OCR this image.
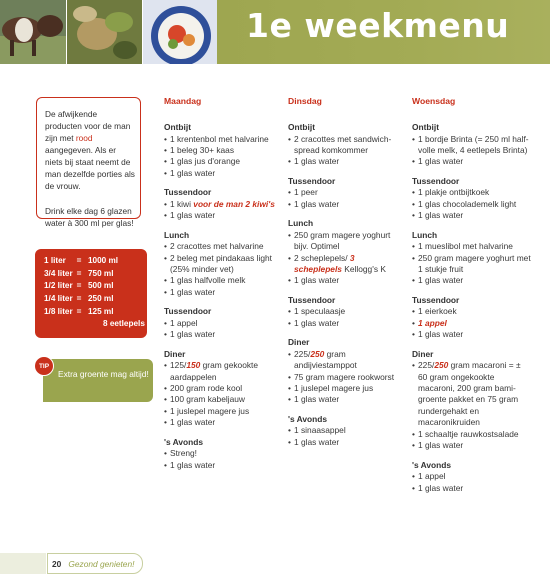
1e weekmenu

De afwijkende producten voor de man zijn met rood aangegeven. Als er niets bij staat neemt de man dezelfde porties als de vrouw.

Drink elke dag 6 glazen water à 300 ml per glas!

1 liter	= 1000 ml
3/4 liter = 750 ml
1/2 liter = 500 ml
1/4 liter = 250 ml
1/8 liter = 125 ml
8 eetlepels
Extra groente mag altijd!
TIP
Maandag
Ontbijt
• 1 krentenbol met halvarine
• 1 beleg 30+ kaas
• 1 glas jus d'orange
• 1 glas water
Tussendoor
• 1 kiwi voor de man 2 kiwi's
• 1 glas water
Lunch
• 2 cracottes met halvarine
• 2 beleg met pindakaas light (25% minder vet)
• 1 glas halfvolle melk
• 1 glas water
Tussendoor
• 1 appel
• 1 glas water
Diner
• 125/150 gram gekookte aardappelen
• 200 gram rode kool
• 100 gram kabeljauw
• 1 juslepel magere jus
• 1 glas water
's Avonds
• Streng!
• 1 glas water
Dinsdag
Ontbijt
• 2 cracottes met sandwich-spread komkommer
• 1 glas water
Tussendoor
• 1 peer
• 1 glas water
Lunch
• 250 gram magere yoghurt bijv. Optimel
• 2 scheplepels/ 3 scheplepels Kellogg's K
• 1 glas water
Tussendoor
• 1 speculaasje
• 1 glas water
Diner
• 225/250 gram andijviestamppot
• 75 gram magere rookworst
• 1 juslepel magere jus
• 1 glas water
's Avonds
• 1 sinaasappel
• 1 glas water
Woensdag
Ontbijt
• 1 bordje Brinta (= 250 ml half-volle melk, 4 eetlepels Brinta)
• 1 glas water
Tussendoor
• 1 plakje ontbijtkoek
• 1 glas chocolademelk light
• 1 glas water
Lunch
• 1 mueslibol met halvarine
• 250 gram magere yoghurt met 1 stukje fruit
• 1 glas water
Tussendoor
• 1 eierkoek
• 1 appel
• 1 glas water
Diner
• 225/250 gram macaroni = ± 60 gram ongekookte macaroni, 200 gram bami-groente pakket en 75 gram rundergehakt en macaronikruiden
• 1 schaaltje rauwkostsalade
• 1 glas water
's Avonds
• 1 appel
• 1 glas water
20 Gezond genieten!
